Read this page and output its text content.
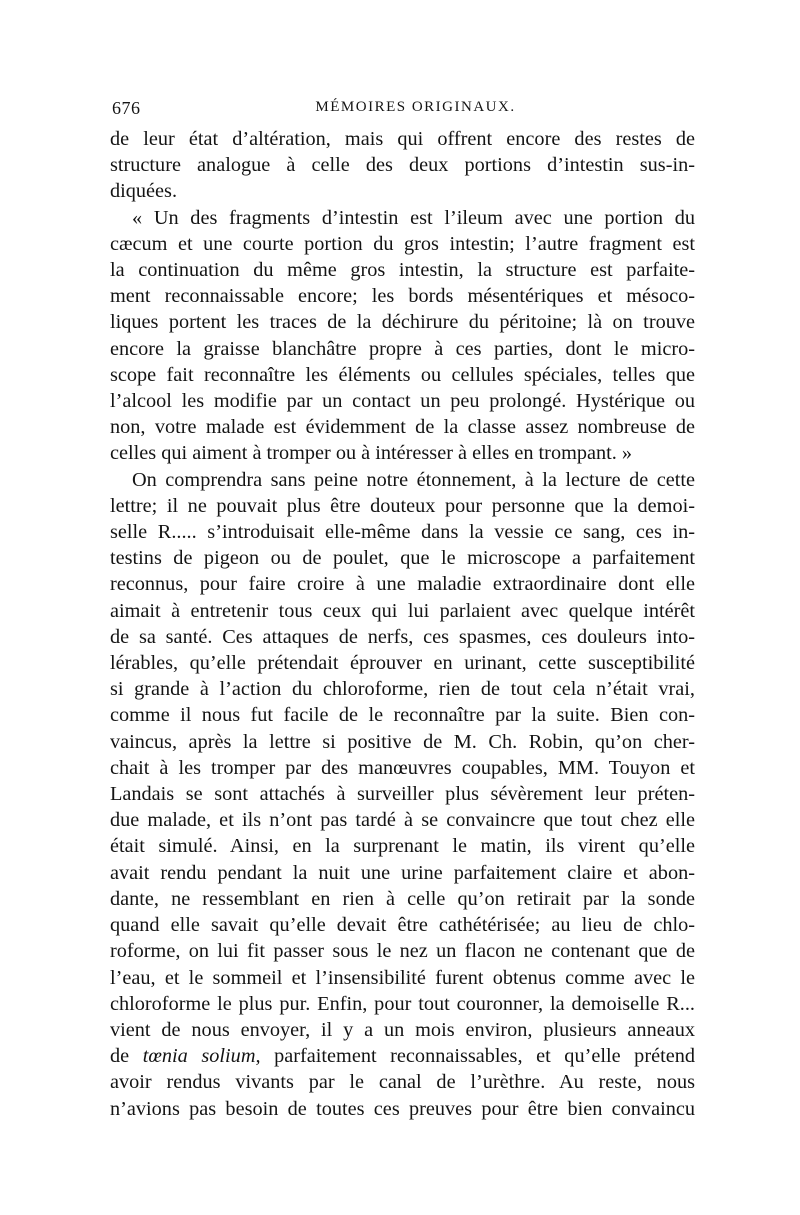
676	MÉMOIRES ORIGINAUX.

de leur état d’altération, mais qui offrent encore des restes de
structure analogue à celle des deux portions d’intestin sus-in-
diquées.

« Un des fragments d’intestin est l’ileum avec une portion du
cæcum et une courte portion du gros intestin; l’autre fragment est
la continuation du même gros intestin, la structure est parfaite-
ment reconnaissable encore; les bords mésentériques et mésoco-
liques portent les traces de la déchirure du péritoine; là on trouve
encore la graisse blanchâtre propre à ces parties, dont le micro-
scope fait reconnaître les éléments ou cellules spéciales, telles que
l’alcool les modifie par un contact un peu prolongé. Hystérique ou
non, votre malade est évidemment de la classe assez nombreuse de
celles qui aiment à tromper ou à intéresser à elles en trompant. »

On comprendra sans peine notre étonnement, à la lecture de cette
lettre; il ne pouvait plus être douteux pour personne que la demoi-
selle R..... s’introduisait elle-même dans la vessie ce sang, ces in-
testins de pigeon ou de poulet, que le microscope a parfaitement
reconnus, pour faire croire à une maladie extraordinaire dont elle
aimait à entretenir tous ceux qui lui parlaient avec quelque intérêt
de sa santé. Ces attaques de nerfs, ces spasmes, ces douleurs into-
lérables, qu’elle prétendait éprouver en urinant, cette susceptibilité
si grande à l’action du chloroforme, rien de tout cela n’était vrai,
comme il nous fut facile de le reconnaître par la suite. Bien con-
vaincus, après la lettre si positive de M. Ch. Robin, qu’on cher-
chait à les tromper par des manœuvres coupables, MM. Touyon et
Landais se sont attachés à surveiller plus sévèrement leur préten-
due malade, et ils n’ont pas tardé à se convaincre que tout chez elle
était simulé. Ainsi, en la surprenant le matin, ils virent qu’elle
avait rendu pendant la nuit une urine parfaitement claire et abon-
dante, ne ressemblant en rien à celle qu’on retirait par la sonde
quand elle savait qu’elle devait être cathétérisée; au lieu de chlo-
roforme, on lui fit passer sous le nez un flacon ne contenant que de
l’eau, et le sommeil et l’insensibilité furent obtenus comme avec le
chloroforme le plus pur. Enfin, pour tout couronner, la demoiselle R...
vient de nous envoyer, il y a un mois environ, plusieurs anneaux
de tœnia solium, parfaitement reconnaissables, et qu’elle prétend
avoir rendus vivants par le canal de l’urèthre. Au reste, nous
n’avions pas besoin de toutes ces preuves pour être bien convaincu
